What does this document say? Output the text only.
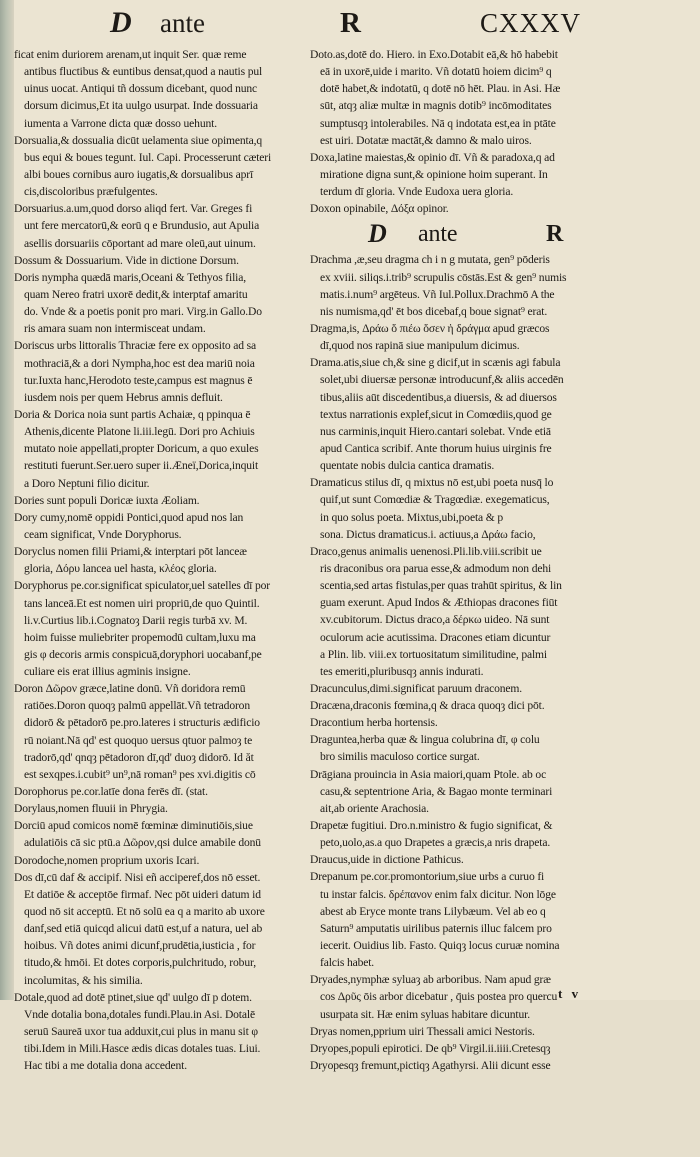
D ante	R	CXXXV
ficat enim duriorem arenam,ut inquit Ser. quæ reme
antibus fluctibus & euntibus densat,quod a nautis pul
uinus uocat. Antiqui tñ dossum dicebant, quod nunc
dorsum dicimus,Et ita uulgo usurpat. Inde dossuaria
iumenta a Varrone dicta quæ dosso uehunt.
Dorsualia,& dossualia dicūt uelamenta siue opimenta,q
bus equi & boues tegunt. Iul. Capi. Processerunt cæteri
albi boues cornibus auro iugatis,& dorsualibus aprī
cis,discoloribus præfulgentes.
Dorsuarius.a.um,quod dorso aliqd fert. Var. Greges fi
unt fere mercatorū,& eorū q e Brundusio, aut Apulia
asellis dorsuariis cōportant ad mare oleū,aut uinum.
Dossum & Dossuarium. Vide in dictione Dorsum.
Doris nympha quædā maris,Oceani & Tethyos filia,
quam Nereo fratri uxorē dedit,& interptaf amaritu
do. Vnde & a poetis ponit pro mari. Virg.in Gallo.Do
ris amara suam non intermisceat undam.
Doriscus urbs littoralis Thraciæ fere ex opposito ad sa
mothraciā,& a dori Nympha,hoc est dea mariū noia
tur.Iuxta hanc,Herodoto teste,campus est magnus ē
iusdem nois per quem Hebrus amnis defluit.
Doria & Dorica noia sunt partis Achaiæ, q ppinqua ē
Athenis,dicente Platone li.iii.legū. Dori pro Achiuis
mutato noie appellati,propter Doricum, a quo exules
restituti fuerunt.Ser.uero super ii.Æneï,Dorica,inquit
a Doro Neptuni filio dicitur.
Dories sunt populi Doricæ iuxta Æoliam.
Dory cumy,nomē oppidi Pontici,quod apud nos lan
ceam significat, Vnde Doryphorus.
Doryclus nomen filii Priami,& interptari pōt lanceæ
gloria, Δόρυ lancea uel hasta, κλέος gloria.
Doryphorus pe.cor.significat spiculator,uel satelles dī por
tans lanceā.Et est nomen uiri propriū,de quo Quintil.
li.v.Curtius lib.i.Cognatoȝ Darii regis turbā xv. M.
hoim fuisse muliebriter propemodū cultam,luxu ma
gis φ decoris armis conspicuā,doryphori uocabanf,pe
culiare eis erat illius agminis insigne.
Doron Δῶρον græce,latine donū. Vñ doridora remū
ratiōes.Doron quoqȝ palmū appellāt.Vñ tetradoron
didorō & pētadorō pe.pro.lateres i structuris ædificio
rū noiant.Nā qd' est quoquo uersus qtuor palmoȝ te
tradorō,qd' qnqȝ pētadoron dī,qd' duoȝ didorō. Id ăt
est sexqpes.i.cubit⁹ un⁹,nā roman⁹ pes xvi.digitis cō
Dorophorus pe.cor.latīe dona ferēs dī. (stat.
Dorylaus,nomen fluuii in Phrygia.
Dorciū apud comicos nomē fœminæ diminutiōis,siue
adulatiōis cā sic ptū.a Δῶρον,qsi dulce amabile donū
Dorodoche,nomen proprium uxoris Icari.
Dos dī,cū daf & accipif. Nisi eñ acciperef,dos nō esset.
Et datiōe & acceptōe firmaf. Nec pōt uideri datum id
quod nō sit acceptū. Et nō solū ea q a marito ab uxore
danf,sed etiā quicqd alicui datū est,uf a natura, uel ab
hoibus. Vñ dotes animi dicunf,prudētia,iusticia , for
titudo,& hmōi. Et dotes corporis,pulchritudo, robur,
incolumitas, & his similia.
Dotale,quod ad dotē ptinet,siue qd' uulgo dī p dotem.
Vnde dotalia bona,dotales fundi.Plau.in Asi. Dotalē
seruū Saureā uxor tua adduxit,cui plus in manu sit φ
tibi.Idem in Mili.Hasce ædis dicas dotales tuas. Liui.
Hac tibi a me dotalia dona accedent.
Doto.as,dotē do. Hiero. in Exo.Dotabit eā,& hō habebit
eā in uxorē,uide i marito. Vñ dotatū hoiem dicim⁹ q
dotē habet,& indotatū, q dotē nō hēt. Plau. in Asi. Hæ
sūt, atqȝ aliæ multæ in magnis dotib⁹ incōmoditates
sumptusqȝ intolerabiles. Nā q indotata est,ea in ptāte
est uiri. Dotatæ mactāt,& damno & malo uiros.
Doxa,latine maiestas,& opinio dī. Vñ & paradoxa,q ad
miratione digna sunt,& opinione hoim superant. In
terdum dī gloria. Vnde Eudoxa uera gloria.
Doxon opinabile, Δόξα opinor.
D ante	R
Drachma ,æ,seu dragma ch i n g mutata, gen⁹ pōderis
ex xviii. siliqs.i.trib⁹ scrupulis cōstās.Est & gen⁹ numis
matis.i.num⁹ argēteus. Vñ Iul.Pollux.Drachmō A the
nis numisma,qd' ēt bos dicebaf,q boue signat⁹ erat.
Dragma,is, Δράω ὅ πιέω ὅσεν ἡ δράγμα apud græcos
dī,quod nos rapinā siue manipulum dicimus.
Drama.atis,siue ch,& sine g dicif,ut in scænis agi fabula
solet,ubi diuersæ personæ introducunf,& aliis accedēn
tibus,aliis aūt discedentibus,a diuersis, & ad diuersos
textus narrationis explef,sicut in Comœdiis,quod ge
nus carminis,inquit Hiero.cantari solebat. Vnde etiā
apud Cantica scribif. Ante thorum huius uirginis fre
quentate nobis dulcia cantica dramatis.
Dramaticus stilus dī, q mixtus nō est,ubi poeta nusq̄ lo
quif,ut sunt Comœdiæ & Tragœdiæ. exegematicus,
in quo solus poeta. Mixtus,ubi,poeta & p
sona. Dictus dramaticus.i. actiuus,a Δράω facio,
Draco,genus animalis uenenosi.Pli.lib.viii.scribit ue
ris draconibus ora parua esse,& admodum non dehi
scentia,sed artas fistulas,per quas trahūt spiritus, & lin
guam exerunt. Apud Indos & Æthiopas dracones fiūt
xv.cubitorum. Dictus draco,a δέρκω uideo. Nā sunt
oculorum acie acutissima. Dracones etiam dicuntur
a Plin. lib. viii.ex tortuositatum similitudine, palmi
tes emeriti,pluribusqȝ annis indurati.
Dracunculus,dimi.significat paruum draconem.
Dracæna,draconis fœmina,q & draca quoqȝ dici pōt.
Dracontium herba hortensis.
Draguntea,herba quæ & lingua colubrina dī, φ colu
bro similis maculoso cortice surgat.
Drāgiana prouincia in Asia maiori,quam Ptole. ab oc
casu,& septentrione Aria, & Bagao monte terminari
ait,ab oriente Arachosia.
Drapetæ fugitiui. Dro.n.ministro & fugio significat, &
peto,uolo,as.a quo Drapetes a græcis,a nris drapeta.
Draucus,uide in dictione Pathicus.
Drepanum pe.cor.promontorium,siue urbs a curuo fi
tu instar falcis. δρέπανον enim falx dicitur. Non lōge
abest ab Eryce monte trans Lilybæum. Vel ab eo q
Saturn⁹ amputatis uirilibus paternis illuc falcem pro
iecerit. Ouidius lib. Fasto. Quiqȝ locus curuæ nomina
falcis habet.
Dryades,nymphæ syluaȝ ab arboribus. Nam apud græ
cos Δρῦς ōis arbor dicebatur , q̄uis postea pro quercu
usurpata sit. Hæ enim syluas habitare dicuntur.
Dryas nomen,pprium uiri Thessali amici Nestoris.
Dryopes,populi epirotici. De qb⁹ Virgil.ii.iiii.Cretesqȝ
Dryopesqȝ fremunt,pictiqȝ Agathyrsi. Alii dicunt esse
t v
